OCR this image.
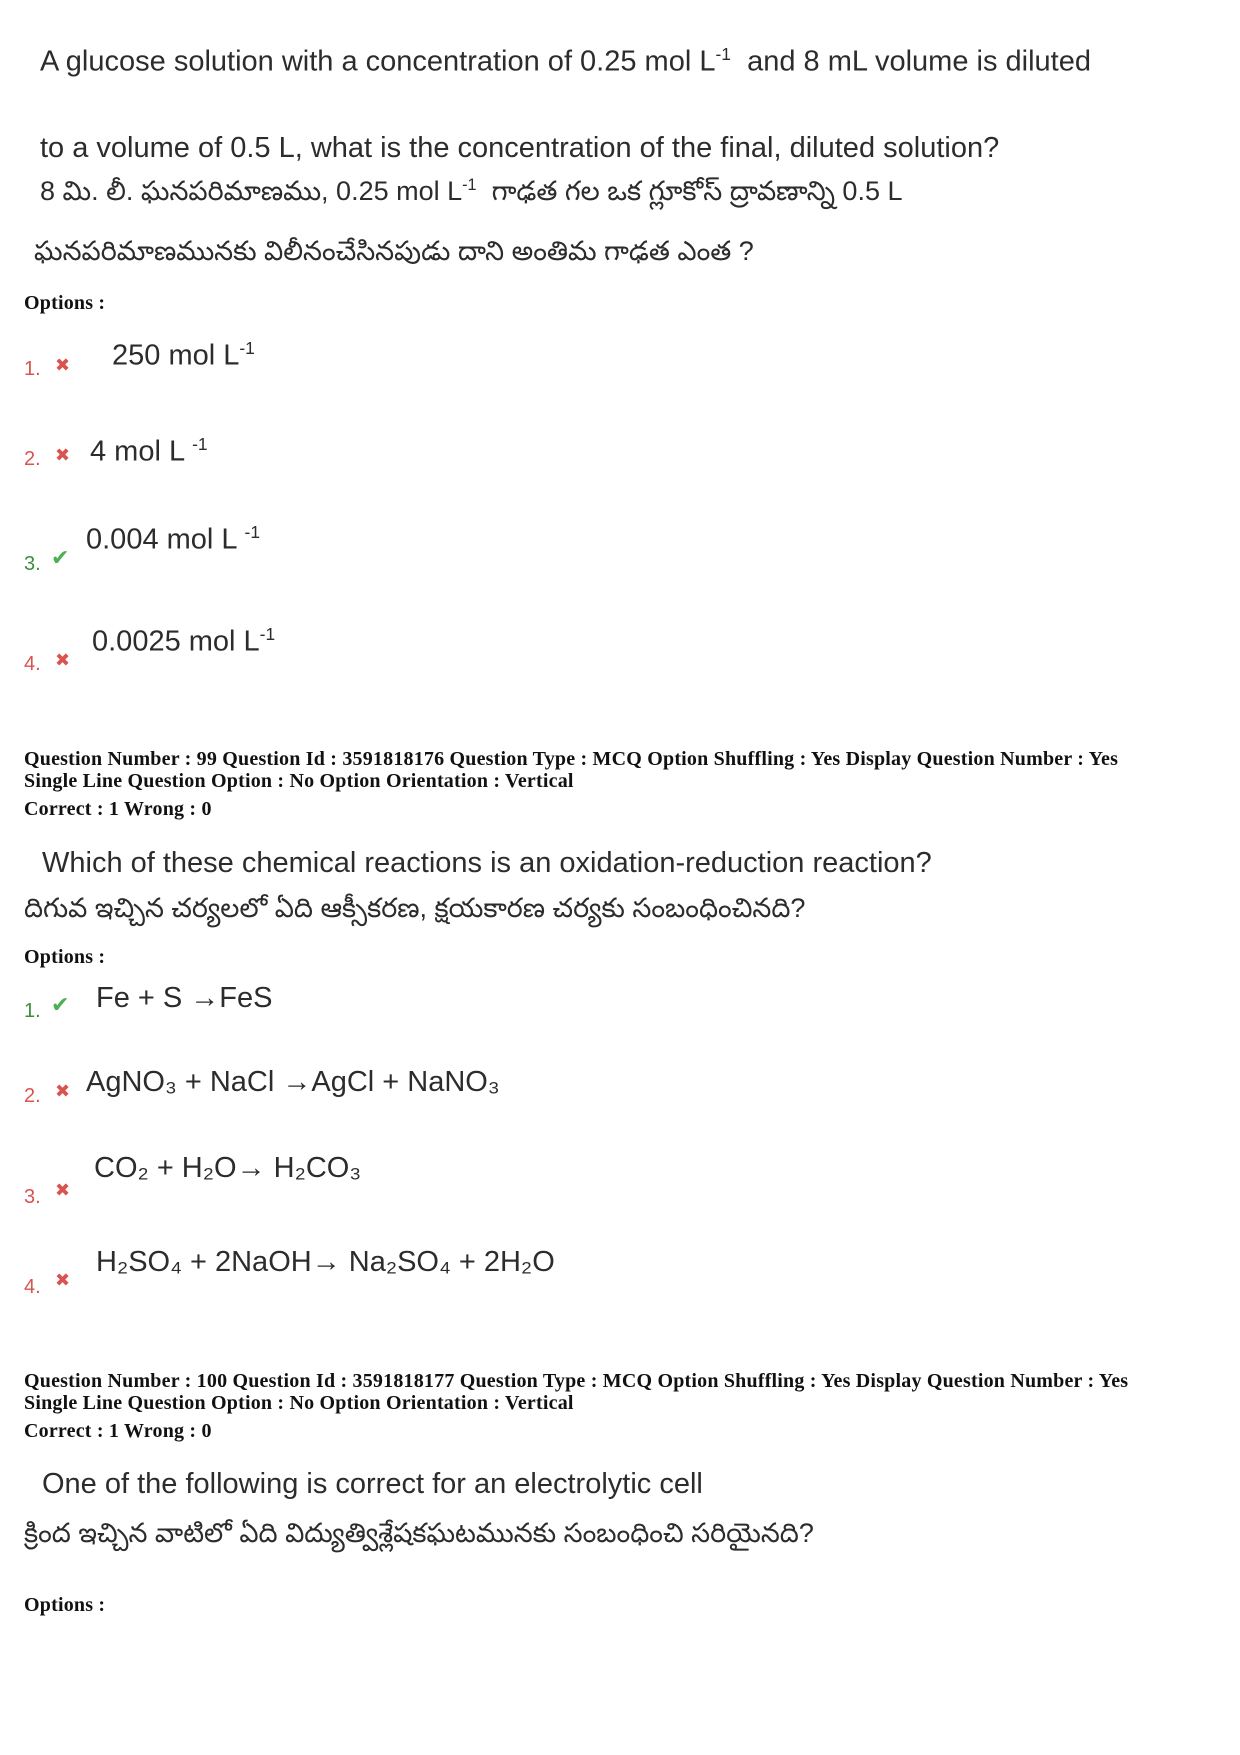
A glucose solution with a concentration of 0.25 mol $L^{-1}$ and 8 mL volume is diluted
to a volume of 0.5 L, what is the concentration of the final, diluted solution?
8 మి. లీ. ఘనపరిమాణము, 0.25 mol $L^{-1}$ గాఢత గల ఒక గ్లూకోస్ ద్రావణాన్ని 0.5 L
ఘనపరిమాణమునకు విలీనంచేసినపుడు దాని అంతిమ గాఢత ఎంత ?
Options :
1. ✖ 250 mol $L^{-1}$
2. ✖ 4 mol L $^{-1}$
3. ✔
0.004 mol L $^{-1}$
4. ✖
0.0025 mol $L^{-1}$
Question Number : 99 Question Id : 3591818176 Question Type : MCQ Option Shuffling : Yes Display Question Number : Yes
Single Line Question Option : No Option Orientation : Vertical
Correct : 1 Wrong : 0
Which of these chemical reactions is an oxidation-reduction reaction?
దిగువ ఇచ్చిన చర్యలలో ఏది ఆక్సీకరణ, క్షయకారణ చర్యకు సంబంధించినది?
Options :
1. ✔ Fe + S →FeS
2. ✖ AgNO₃ + NaCl →AgCl + NaNO₃
3. ✖
CO₂ + H₂O→ H₂CO₃
4. ✖
H₂SO₄ + 2NaOH→ Na₂SO₄ + 2H₂O
Question Number : 100 Question Id : 3591818177 Question Type : MCQ Option Shuffling : Yes Display Question Number : Yes
Single Line Question Option : No Option Orientation : Vertical
Correct : 1 Wrong : 0
One of the following is correct for an electrolytic cell
క్రింద ఇచ్చిన వాటిలో ఏది విద్యుత్విశ్లేషకఘటమునకు సంబంధించి సరియైనది?
Options :
